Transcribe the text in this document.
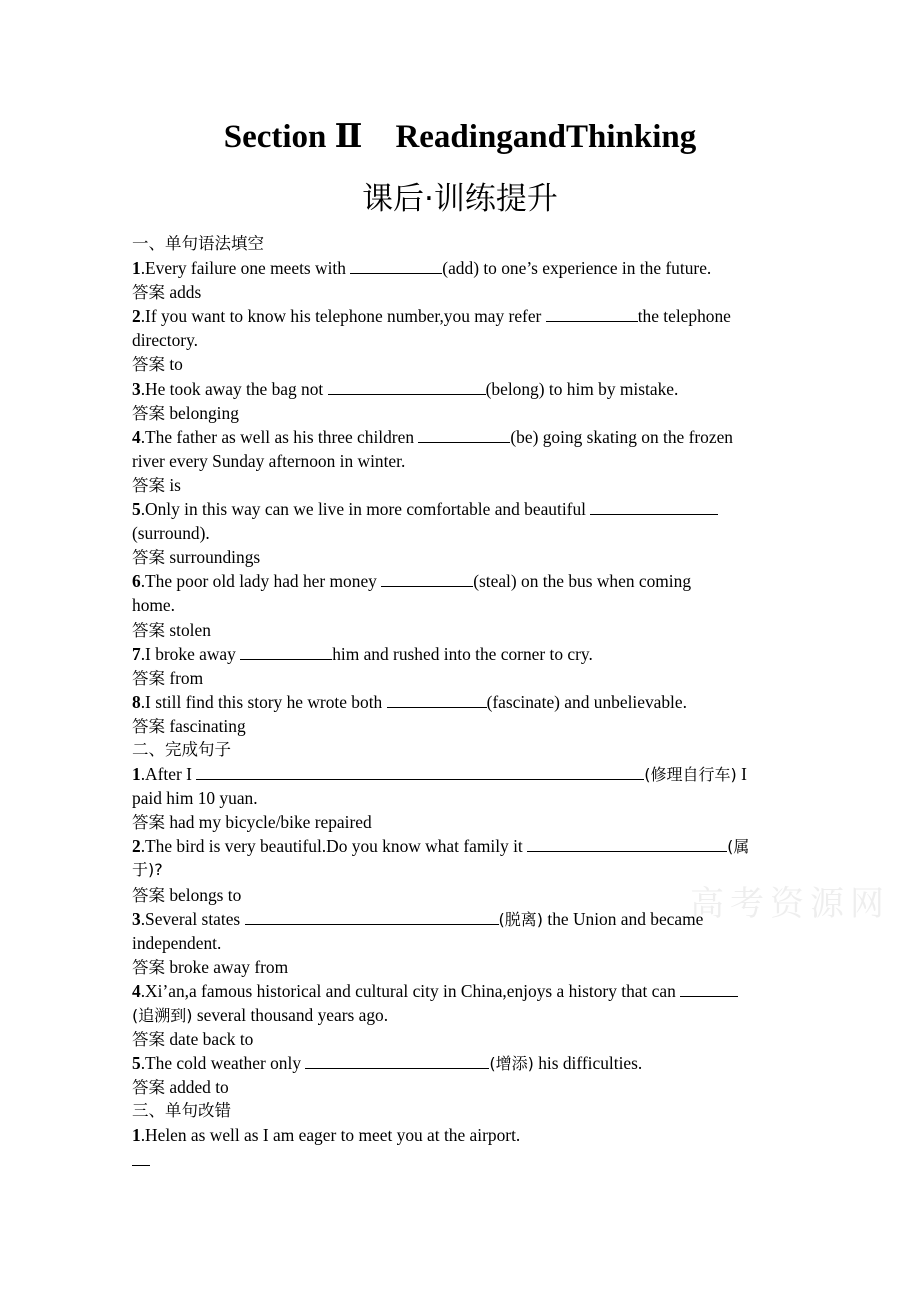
Section Ⅱ    ReadingandThinking
课后·训练提升
高考资源网
一、单句语法填空
1.Every failure one meets with	(add) to one’s experience in the future.
答案 adds
2.If you want to know his telephone number,you may refer	the telephone
directory.
答案 to
3.He took away the bag not	(belong) to him by mistake.
答案 belonging
4.The father as well as his three children	(be) going skating on the frozen
river every Sunday afternoon in winter.
答案 is
5.Only in this way can we live in more comfortable and beautiful
(surround).
答案 surroundings
6.The poor old lady had her money	(steal) on the bus when coming
home.
答案 stolen
7.I broke away	him and rushed into the corner to cry.
答案 from
8.I still find this story he wrote both	(fascinate) and unbelievable.
答案 fascinating
二、完成句子
1.After I	(修理自行车) I
paid him 10 yuan.
答案 had my bicycle/bike repaired
2.The bird is very beautiful.Do you know what family it	(属
于)?
答案 belongs to
3.Several states	(脱离) the Union and became
independent.
答案 broke away from
4.Xi’an,a famous historical and cultural city in China,enjoys a history that can
(追溯到) several thousand years ago.
答案 date back to
5.The cold weather only	(增添) his difficulties.
答案 added to
三、单句改错
1.Helen as well as I am eager to meet you at the airport.
